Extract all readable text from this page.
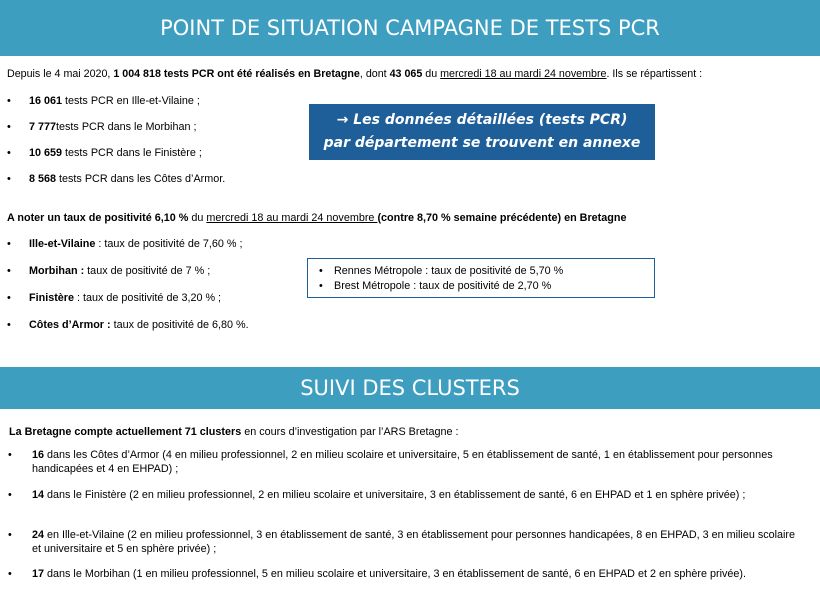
POINT DE SITUATION CAMPAGNE DE TESTS PCR

Depuis le 4 mai 2020, 1 004 818 tests PCR ont été réalisés en Bretagne, dont 43 065 du mercredi 18 au mardi 24 novembre. Ils se répartissent :

• 16 061 tests PCR en Ille-et-Vilaine ;
• 7 777tests PCR dans le Morbihan ;
• 10 659 tests PCR dans le Finistère ;
• 8 568 tests PCR dans les Côtes d’Armor.
→ Les données détaillées (tests PCR)
par département se trouvent en annexe

A noter un taux de positivité 6,10 % du mercredi 18 au mardi 24 novembre (contre 8,70 % semaine précédente) en Bretagne

• Ille-et-Vilaine : taux de positivité de 7,60 % ;
• Morbihan : taux de positivité de 7 % ;
• Finistère : taux de positivité de 3,20 % ;
• Côtes d’Armor : taux de positivité de 6,80 %.
• Rennes Métropole : taux de positivité de 5,70 %
• Brest Métropole : taux de positivité de 2,70 %
SUIVI DES CLUSTERS

La Bretagne compte actuellement 71 clusters en cours d’investigation par l’ARS Bretagne :

• 16 dans les Côtes d’Armor (4 en milieu professionnel, 2 en milieu scolaire et universitaire, 5 en établissement de santé, 1 en établissement pour personnes handicapées et 4 en EHPAD) ;
• 14 dans le Finistère (2 en milieu professionnel, 2 en milieu scolaire et universitaire, 3 en établissement de santé, 6 en EHPAD et 1 en sphère privée) ;
• 24 en Ille-et-Vilaine (2 en milieu professionnel, 3 en établissement de santé, 3 en établissement pour personnes handicapées, 8 en EHPAD, 3 en milieu scolaire et universitaire et 5 en sphère privée) ;
• 17 dans le Morbihan (1 en milieu professionnel, 5 en milieu scolaire et universitaire, 3 en établissement de santé, 6 en EHPAD et 2 en sphère privée).
